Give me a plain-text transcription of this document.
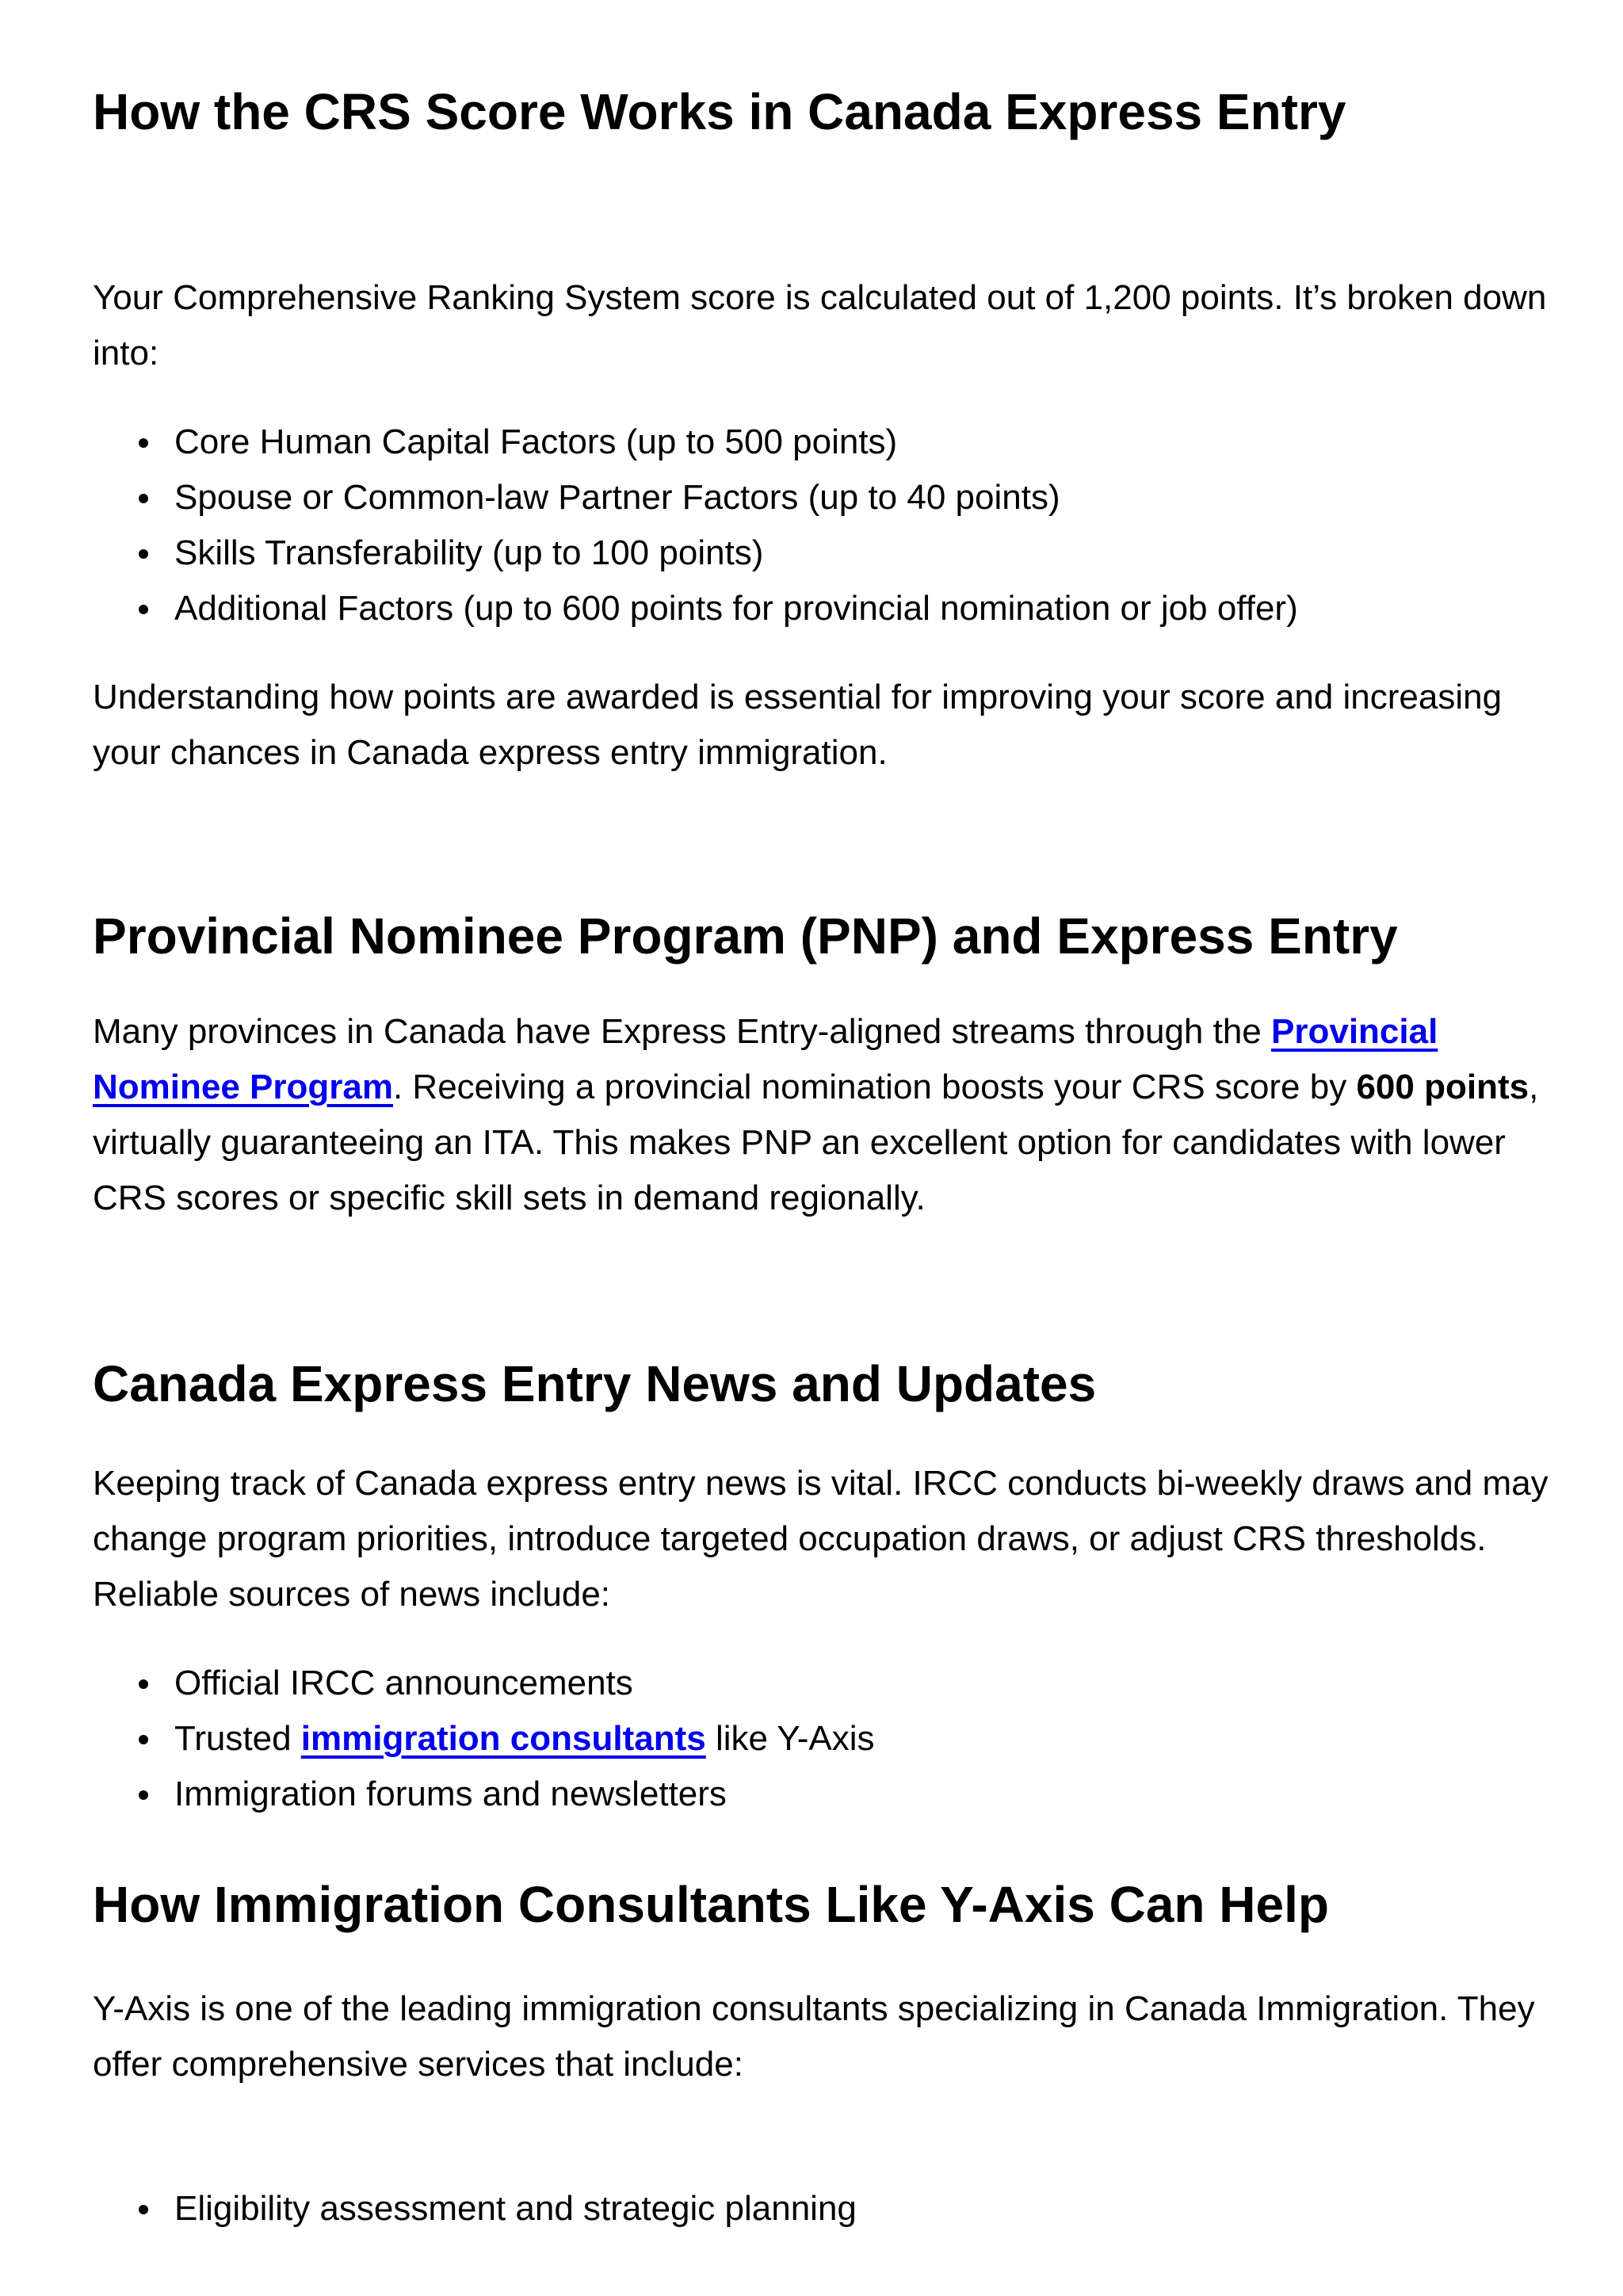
How the CRS Score Works in Canada Express Entry

Your Comprehensive Ranking System score is calculated out of 1,200 points. It’s broken down into:

Core Human Capital Factors (up to 500 points)
Spouse or Common-law Partner Factors (up to 40 points)
Skills Transferability (up to 100 points)
Additional Factors (up to 600 points for provincial nomination or job offer)

Understanding how points are awarded is essential for improving your score and increasing your chances in Canada express entry immigration.

Provincial Nominee Program (PNP) and Express Entry

Many provinces in Canada have Express Entry-aligned streams through the Provincial Nominee Program. Receiving a provincial nomination boosts your CRS score by 600 points, virtually guaranteeing an ITA. This makes PNP an excellent option for candidates with lower CRS scores or specific skill sets in demand regionally.

Canada Express Entry News and Updates

Keeping track of Canada express entry news is vital. IRCC conducts bi-weekly draws and may change program priorities, introduce targeted occupation draws, or adjust CRS thresholds. Reliable sources of news include:

Official IRCC announcements
Trusted immigration consultants like Y-Axis
Immigration forums and newsletters
How Immigration Consultants Like Y-Axis Can Help

Y-Axis is one of the leading immigration consultants specializing in Canada Immigration. They offer comprehensive services that include:

Eligibility assessment and strategic planning
